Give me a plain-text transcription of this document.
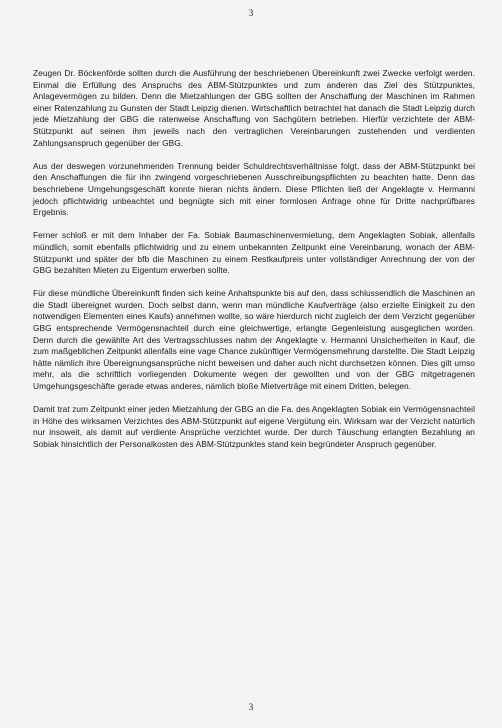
3

Zeugen Dr. Böckenförde sollten durch die Ausführung der beschriebenen Übereinkunft zwei Zwecke verfolgt werden. Einmal die Erfüllung des Anspruchs des ABM-Stützpunktes und zum anderen das Ziel des Stützpunktes, Anlagevermögen zu bilden. Denn die Mietzahlungen der GBG sollten der Anschaffung der Maschinen im Rahmen einer Ratenzahlung zu Gunsten der Stadt Leipzig dienen. Wirtschaftlich betrachtet hat danach die Stadt Leipzig durch jede Mietzahlung der GBG die ratenweise Anschaffung von Sachgütern betrieben. Hierfür verzichtete der ABM-Stützpunkt auf seinen ihm jeweils nach den vertraglichen Vereinbarungen zustehenden und verdienten Zahlungsanspruch gegenüber der GBG.

Aus der deswegen vorzunehmenden Trennung beider Schuldrechtsverhältnisse folgt, dass der ABM-Stützpunkt bei den Anschaffungen die für ihn zwingend vorgeschriebenen Ausschreibungspflichten zu beachten hatte. Denn das beschriebene Umgehungsgeschäft konnte hieran nichts ändern. Diese Pflichten ließ der Angeklagte v. Hermanni jedoch pflichtwidrig unbeachtet und begnügte sich mit einer formlosen Anfrage ohne für Dritte nachprüfbares Ergebnis.

Ferner schloß er mit dem Inhaber der Fa. Sobiak Baumaschinenvermietung, dem Angeklagten Sobiak, allenfalls mündlich, somit ebenfalls pflichtwidrig und zu einem unbekannten Zeitpunkt eine Vereinbarung, wonach der ABM-Stützpunkt und später der bfb die Maschinen zu einem Restkaufpreis unter vollständiger Anrechnung der von der GBG bezahlten Mieten zu Eigentum erwerben sollte.

Für diese mündliche Übereinkunft finden sich keine Anhaltspunkte bis auf den, dass schlussendlich die Maschinen an die Stadt übereignet wurden. Doch selbst dann, wenn man mündliche Kaufverträge (also erzielte Einigkeit zu den notwendigen Elementen eines Kaufs) annehmen wollte, so wäre hierdurch nicht zugleich der dem Verzicht gegenüber GBG entsprechende Vermögensnachteil durch eine gleichwertige, erlangte Gegenleistung ausgeglichen worden. Denn durch die gewählte Art des Vertragsschlusses nahm der Angeklagte v. Hermanni Unsicherheiten in Kauf, die zum maßgeblichen Zeitpunkt allenfalls eine vage Chance zukünftiger Vermögensmehrung darstellte. Die Stadt Leipzig hätte nämlich ihre Übereignungsansprüche nicht beweisen und daher auch nicht durchsetzen können. Dies gilt umso mehr, als die schriftlich vorliegenden Dokumente wegen der gewollten und von der GBG mitgetragenen Umgehungsgeschäfte gerade etwas anderes, nämlich bloße Mietverträge mit einem Dritten, belegen.

Damit trat zum Zeitpunkt einer jeden Mietzahlung der GBG an die Fa. des Angeklagten Sobiak ein Vermögensnachteil in Höhe des wirksamen Verzichtes des ABM-Stützpunkt auf eigene Vergütung ein. Wirksam war der Verzicht natürlich nur insoweit, als damit auf verdiente Ansprüche verzichtet wurde. Der durch Täuschung erlangten Bezahlung an Sobiak hinsichtlich der Personalkosten des ABM-Stützpunktes stand kein begründeter Anspruch gegenüber.

3
